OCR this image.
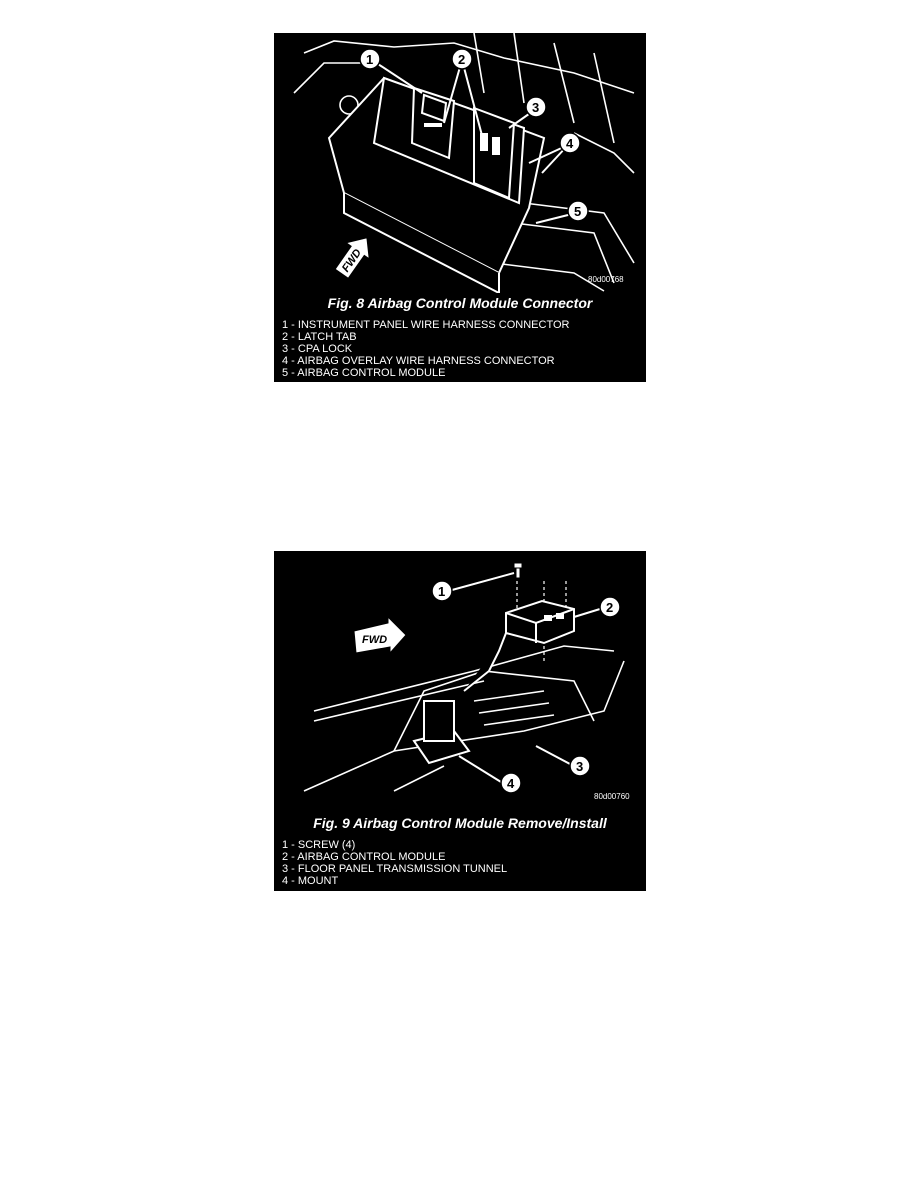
FWD
1	2
3
4
5
80d00768
Fig. 8 Airbag Control Module Connector
1 - INSTRUMENT PANEL WIRE HARNESS CONNECTOR
2 - LATCH TAB
3 - CPA LOCK
4 - AIRBAG OVERLAY WIRE HARNESS CONNECTOR
5 - AIRBAG CONTROL MODULE
FWD
1
2
3
4
80d00760
Fig. 9 Airbag Control Module Remove/Install
1 - SCREW (4)
2 - AIRBAG CONTROL MODULE
3 - FLOOR PANEL TRANSMISSION TUNNEL
4 - MOUNT
